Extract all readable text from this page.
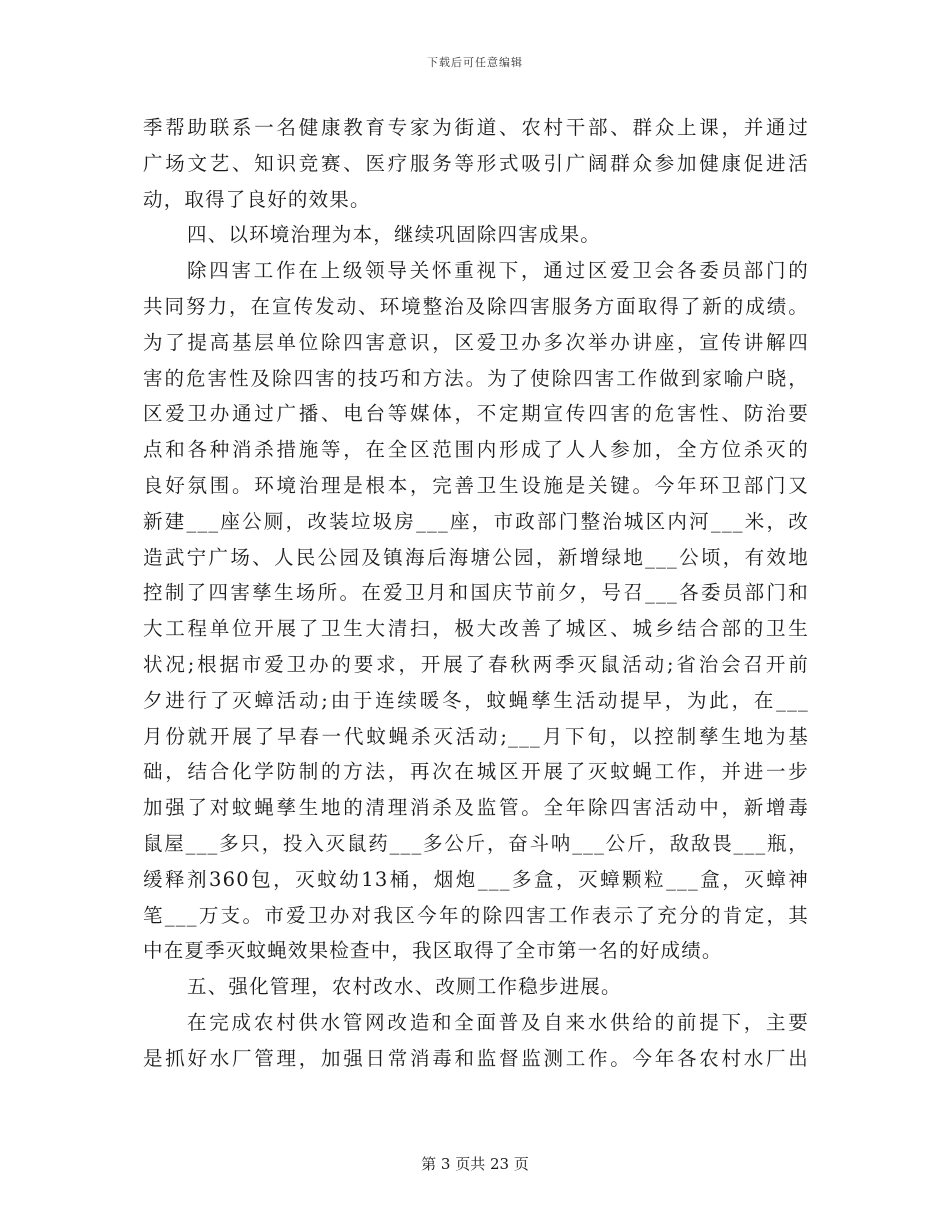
下载后可任意编辑
季帮助联系一名健康教育专家为街道、农村干部、群众上课，并通过
广场文艺、知识竞赛、医疗服务等形式吸引广阔群众参加健康促进活
动，取得了良好的效果。
四、以环境治理为本，继续巩固除四害成果。
除四害工作在上级领导关怀重视下，通过区爱卫会各委员部门的
共同努力，在宣传发动、环境整治及除四害服务方面取得了新的成绩。
为了提高基层单位除四害意识，区爱卫办多次举办讲座，宣传讲解四
害的危害性及除四害的技巧和方法。为了使除四害工作做到家喻户晓，
区爱卫办通过广播、电台等媒体，不定期宣传四害的危害性、防治要
点和各种消杀措施等，在全区范围内形成了人人参加，全方位杀灭的
良好氛围。环境治理是根本，完善卫生设施是关键。今年环卫部门又
新建___座公厕，改装垃圾房___座，市政部门整治城区内河___米，改
造武宁广场、人民公园及镇海后海塘公园，新增绿地___公顷，有效地
控制了四害孳生场所。在爱卫月和国庆节前夕，号召___各委员部门和
大工程单位开展了卫生大清扫，极大改善了城区、城乡结合部的卫生
状况;根据市爱卫办的要求，开展了春秋两季灭鼠活动;省治会召开前
夕进行了灭蟑活动;由于连续暖冬，蚊蝇孳生活动提早，为此，在___
月份就开展了早春一代蚊蝇杀灭活动;___月下旬，以控制孳生地为基
础，结合化学防制的方法，再次在城区开展了灭蚊蝇工作，并进一步
加强了对蚊蝇孳生地的清理消杀及监管。全年除四害活动中，新增毒
鼠屋___多只，投入灭鼠药___多公斤，奋斗呐___公斤，敌敌畏___瓶，
缓释剂360包，灭蚊幼13桶，烟炮___多盒，灭蟑颗粒___盒，灭蟑神
笔___万支。市爱卫办对我区今年的除四害工作表示了充分的肯定，其
中在夏季灭蚊蝇效果检查中，我区取得了全市第一名的好成绩。
五、强化管理，农村改水、改厕工作稳步进展。
在完成农村供水管网改造和全面普及自来水供给的前提下，主要
是抓好水厂管理，加强日常消毒和监督监测工作。今年各农村水厂出
第 3 页共 23 页
